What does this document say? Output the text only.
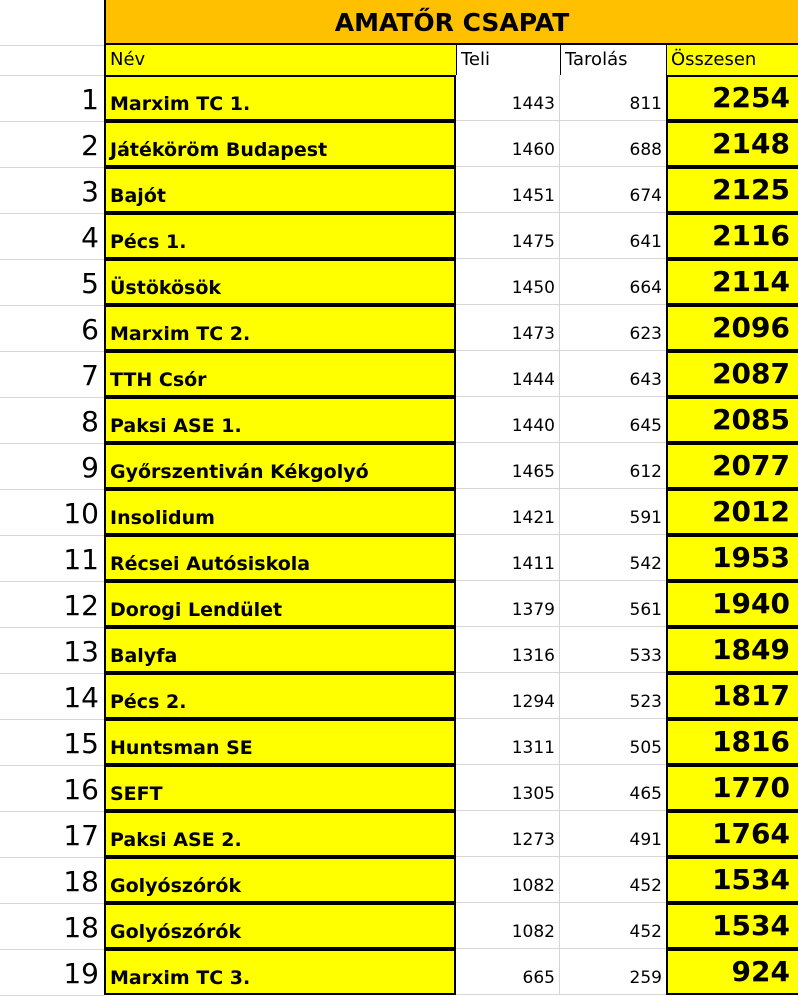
AMATŐR CSAPAT
Név	Teli	Tarolás	Összesen
1 Marxim TC 1.	1443	811	2254
2 Játéköröm Budapest	1460	688	2148
3 Bajót	1451	674	2125
4 Pécs 1.	1475	641	2116
5 Üstökösök	1450	664	2114
6 Marxim TC 2.	1473	623	2096
7 TTH Csór	1444	643	2087
8 Paksi ASE 1.	1440	645	2085
9 Győrszentiván Kékgolyó	1465	612	2077
10 Insolidum	1421	591	2012
11 Récsei Autósiskola	1411	542	1953
12 Dorogi Lendület	1379	561	1940
13 Balyfa	1316	533	1849
14 Pécs 2.	1294	523	1817
15 Huntsman SE	1311	505	1816
16 SEFT	1305	465	1770
17 Paksi ASE 2.	1273	491	1764
18 Golyószórók	1082	452	1534
18 Golyószórók	1082	452	1534
19 Marxim TC 3.	665	259	924
